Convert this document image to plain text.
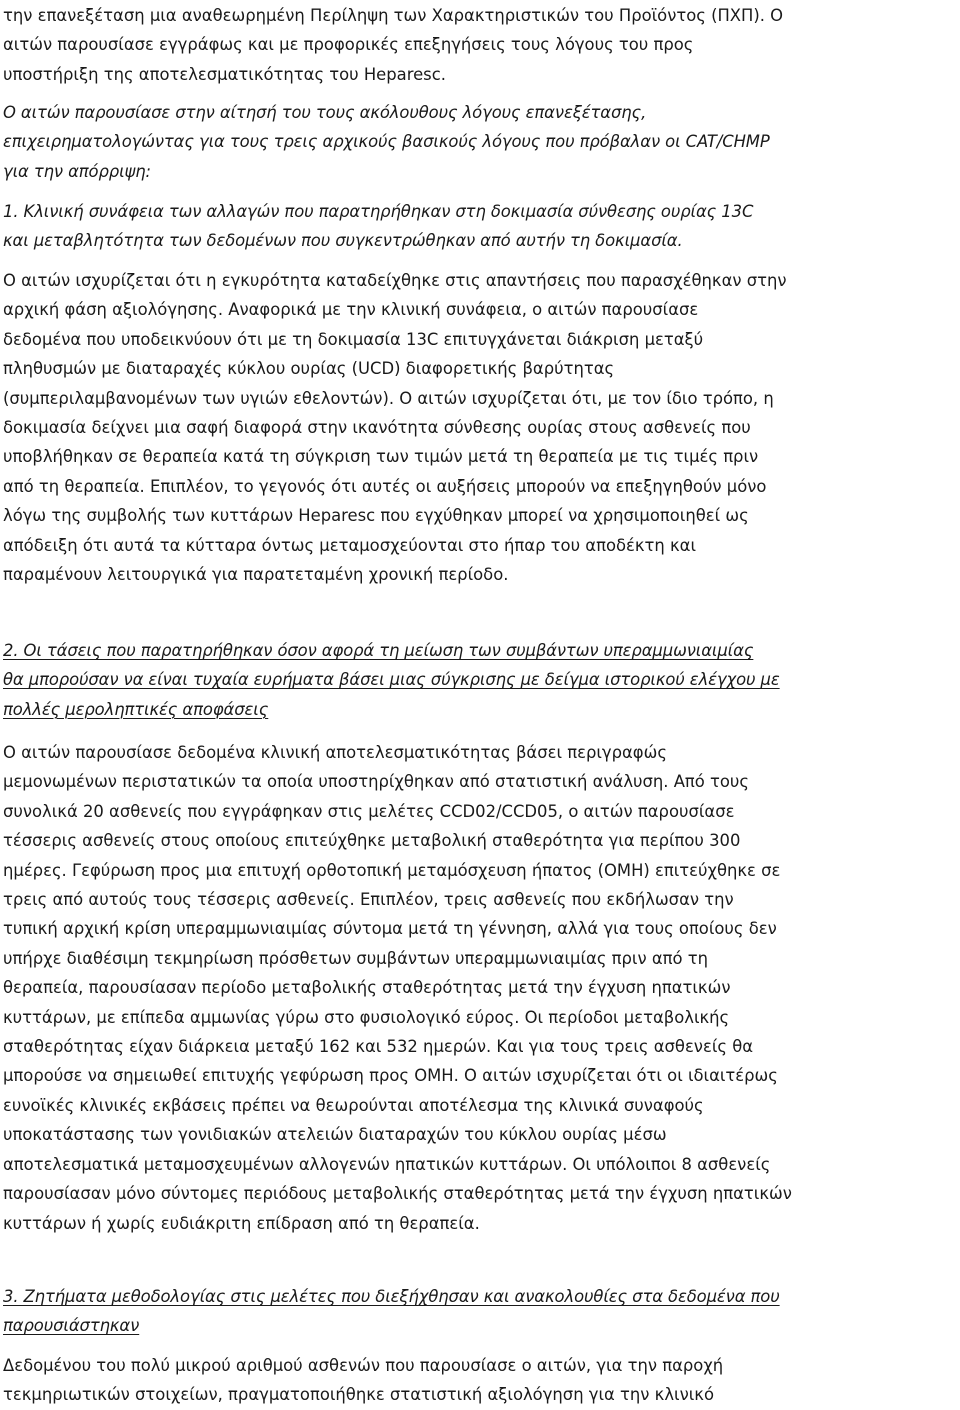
την επανεξέταση μια αναθεωρημένη Περίληψη των Χαρακτηριστικών του Προϊόντος (ΠΧΠ). Ο

αιτών παρουσίασε εγγράφως και με προφορικές επεξηγήσεις τους λόγους του προς

υποστήριξη της αποτελεσματικότητας του Heparesc.

Ο αιτών παρουσίασε στην αίτησή του τους ακόλουθους λόγους επανεξέτασης,

επιχειρηματολογώντας για τους τρεις αρχικούς βασικούς λόγους που πρόβαλαν οι CAT/CHMP

για την απόρριψη:

1. Κλινική συνάφεια των αλλαγών που παρατηρήθηκαν στη δοκιμασία σύνθεσης ουρίας 13C

και μεταβλητότητα των δεδομένων που συγκεντρώθηκαν από αυτήν τη δοκιμασία.

Ο αιτών ισχυρίζεται ότι η εγκυρότητα καταδείχθηκε στις απαντήσεις που παρασχέθηκαν στην

αρχική φάση αξιολόγησης. Αναφορικά με την κλινική συνάφεια, ο αιτών παρουσίασε

δεδομένα που υποδεικνύουν ότι με τη δοκιμασία 13C επιτυγχάνεται διάκριση μεταξύ

πληθυσμών με διαταραχές κύκλου ουρίας (UCD) διαφορετικής βαρύτητας

(συμπεριλαμβανομένων των υγιών εθελοντών). Ο αιτών ισχυρίζεται ότι, με τον ίδιο τρόπο, η

δοκιμασία δείχνει μια σαφή διαφορά στην ικανότητα σύνθεσης ουρίας στους ασθενείς που

υποβλήθηκαν σε θεραπεία κατά τη σύγκριση των τιμών μετά τη θεραπεία με τις τιμές πριν

από τη θεραπεία. Επιπλέον, το γεγονός ότι αυτές οι αυξήσεις μπορούν να επεξηγηθούν μόνο

λόγω της συμβολής των κυττάρων Heparesc που εγχύθηκαν μπορεί να χρησιμοποιηθεί ως

απόδειξη ότι αυτά τα κύτταρα όντως μεταμοσχεύονται στο ήπαρ του αποδέκτη και

παραμένουν λειτουργικά για παρατεταμένη χρονική περίοδο.

2. Οι τάσεις που παρατηρήθηκαν όσον αφορά τη μείωση των συμβάντων υπεραμμωνιαιμίας

θα μπορούσαν να είναι τυχαία ευρήματα βάσει μιας σύγκρισης με δείγμα ιστορικού ελέγχου με

πολλές μεροληπτικές αποφάσεις

Ο αιτών παρουσίασε δεδομένα κλινική αποτελεσματικότητας βάσει περιγραφώς

μεμονωμένων περιστατικών τα οποία υποστηρίχθηκαν από στατιστική ανάλυση. Από τους

συνολικά 20 ασθενείς που εγγράφηκαν στις μελέτες CCD02/CCD05, ο αιτών παρουσίασε

τέσσερις ασθενείς στους οποίους επιτεύχθηκε μεταβολική σταθερότητα για περίπου 300

ημέρες. Γεφύρωση προς μια επιτυχή ορθοτοπική μεταμόσχευση ήπατος (ΟΜΗ) επιτεύχθηκε σε

τρεις από αυτούς τους τέσσερις ασθενείς. Επιπλέον, τρεις ασθενείς που εκδήλωσαν την

τυπική αρχική κρίση υπεραμμωνιαιμίας σύντομα μετά τη γέννηση, αλλά για τους οποίους δεν

υπήρχε διαθέσιμη τεκμηρίωση πρόσθετων συμβάντων υπεραμμωνιαιμίας πριν από τη

θεραπεία, παρουσίασαν περίοδο μεταβολικής σταθερότητας μετά την έγχυση ηπατικών

κυττάρων, με επίπεδα αμμωνίας γύρω στο φυσιολογικό εύρος. Οι περίοδοι μεταβολικής

σταθερότητας είχαν διάρκεια μεταξύ 162 και 532 ημερών. Και για τους τρεις ασθενείς θα

μπορούσε να σημειωθεί επιτυχής γεφύρωση προς ΟΜΗ. Ο αιτών ισχυρίζεται ότι οι ιδιαιτέρως

ευνοϊκές κλινικές εκβάσεις πρέπει να θεωρούνται αποτέλεσμα της κλινικά συναφούς

υποκατάστασης των γονιδιακών ατελειών διαταραχών του κύκλου ουρίας μέσω

αποτελεσματικά μεταμοσχευμένων αλλογενών ηπατικών κυττάρων. Οι υπόλοιποι 8 ασθενείς

παρουσίασαν μόνο σύντομες περιόδους μεταβολικής σταθερότητας μετά την έγχυση ηπατικών

κυττάρων ή χωρίς ευδιάκριτη επίδραση από τη θεραπεία.

3. Ζητήματα μεθοδολογίας στις μελέτες που διεξήχθησαν και ανακολουθίες στα δεδομένα που

παρουσιάστηκαν

Δεδομένου του πολύ μικρού αριθμού ασθενών που παρουσίασε ο αιτών, για την παροχή

τεκμηριωτικών στοιχείων, πραγματοποιήθηκε στατιστική αξιολόγηση για την κλινικό
